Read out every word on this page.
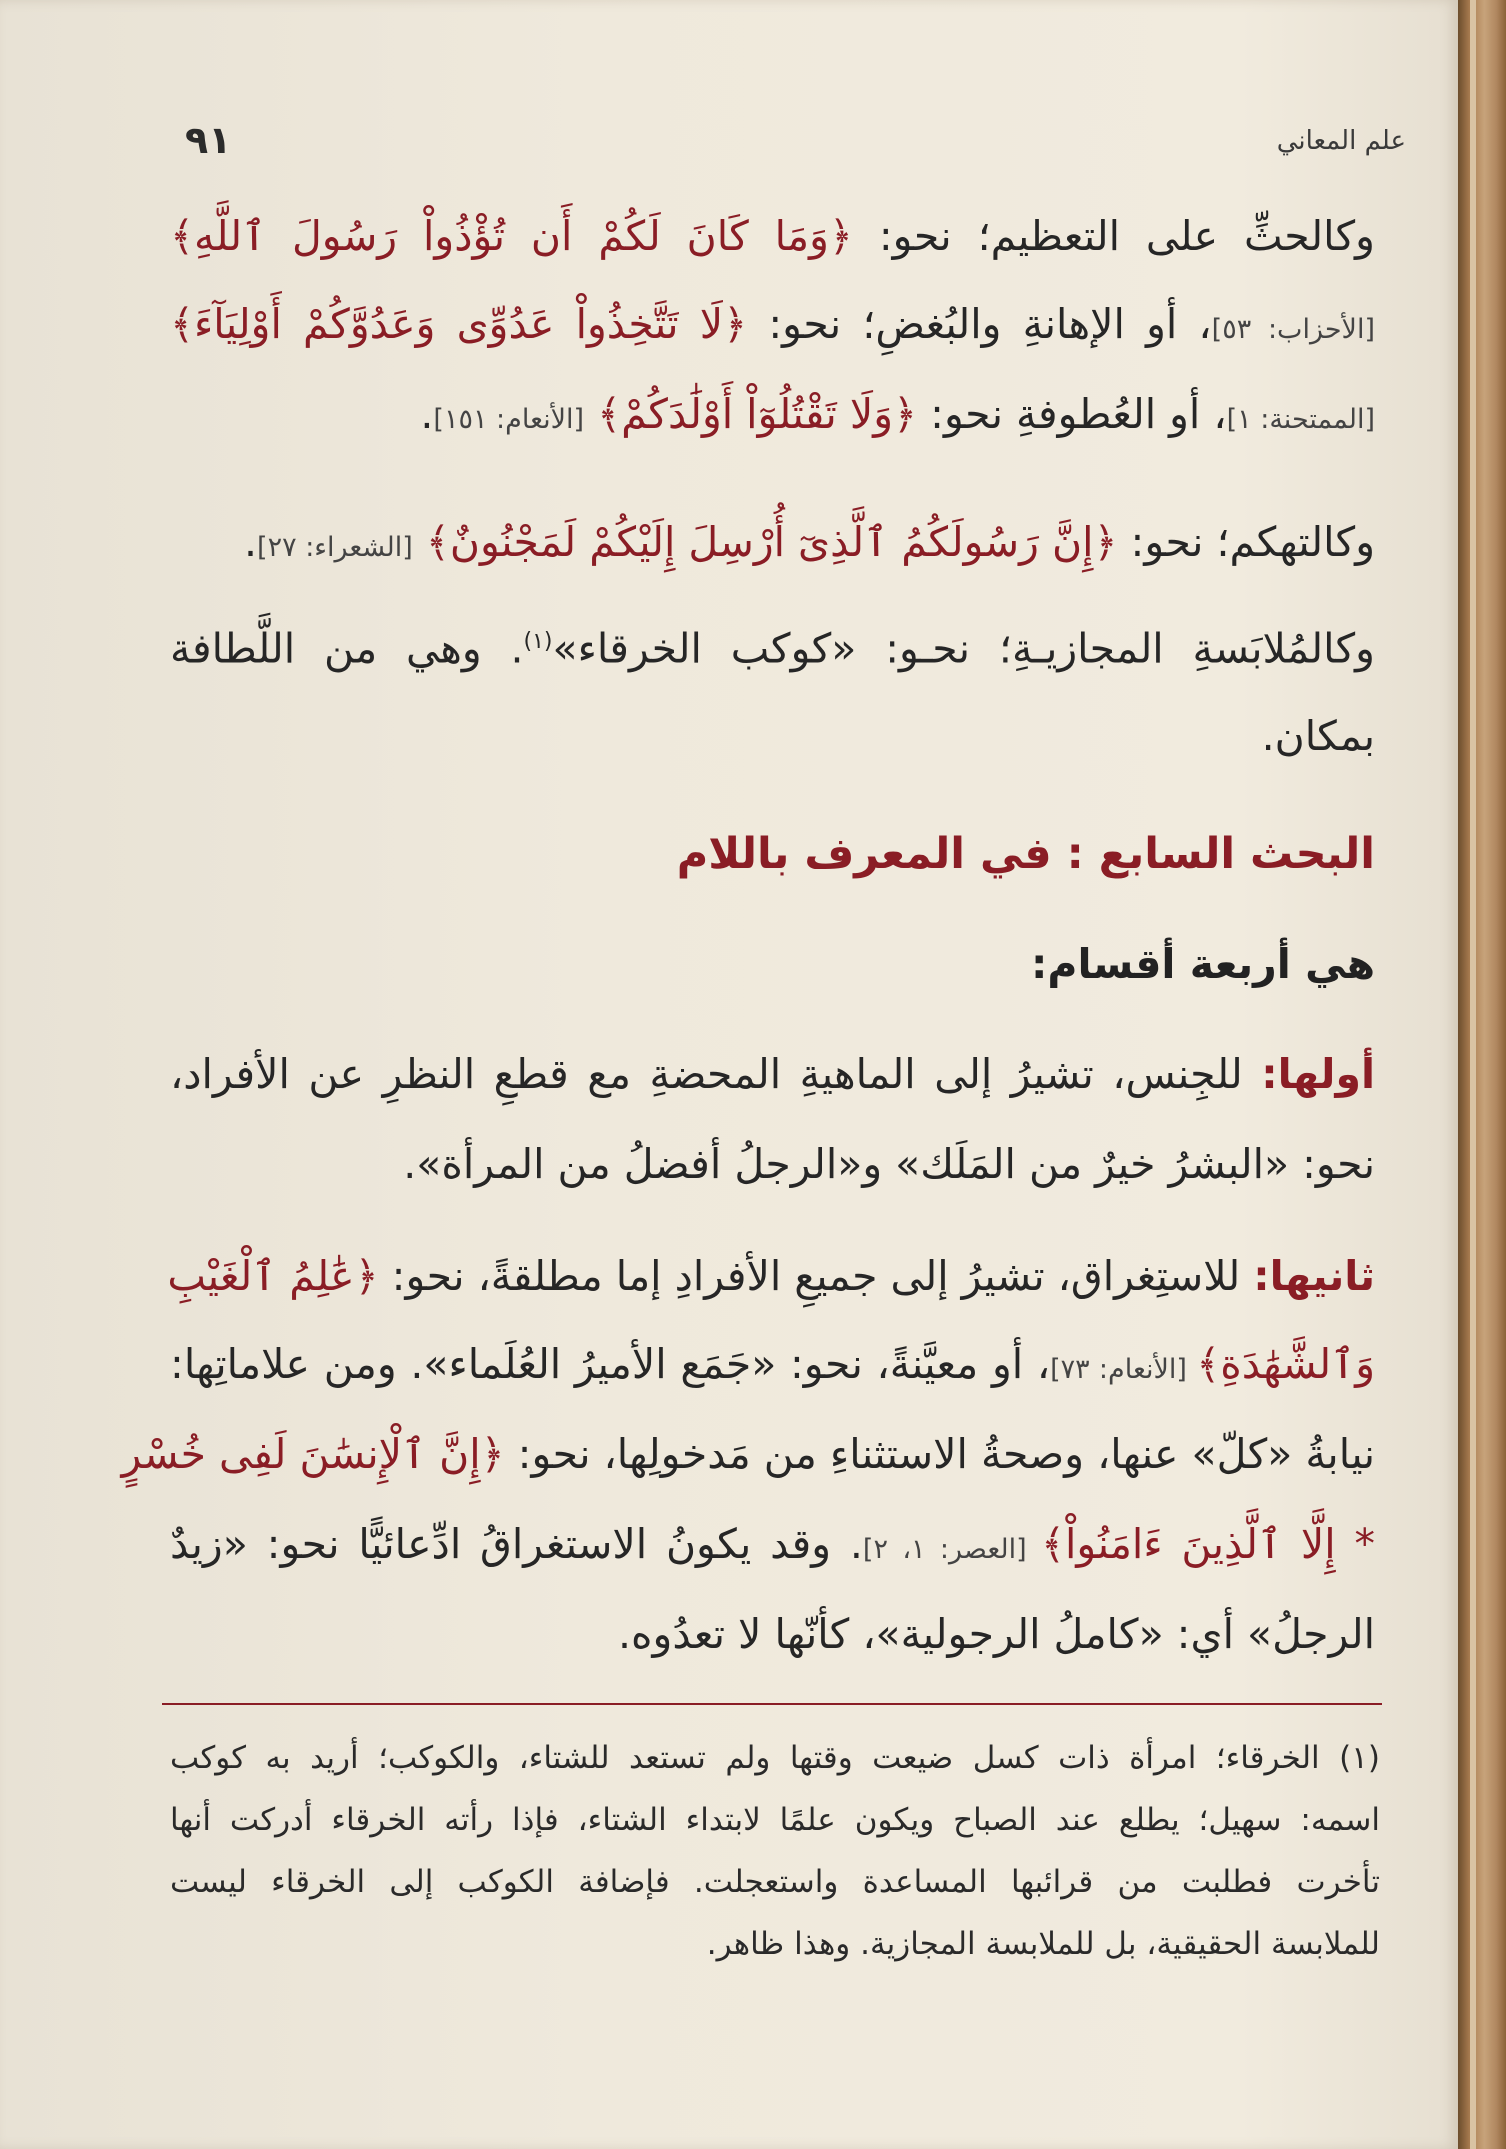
علم المعاني
٩١
وكالحثِّ على التعظيم؛ نحو: ﴿وَمَا كَانَ لَكُمْ أَن تُؤْذُواْ رَسُولَ ٱللَّهِ﴾
[الأحزاب: ٥٣]، أو الإهانةِ والبُغضِ؛ نحو: ﴿لَا تَتَّخِذُواْ عَدُوِّى وَعَدُوَّكُمْ أَوْلِيَآءَ﴾
[الممتحنة: ١]، أو العُطوفةِ نحو: ﴿وَلَا تَقْتُلُوٓاْ أَوْلَٰدَكُمْ﴾ [الأنعام: ١٥١].
وكالتهكم؛ نحو: ﴿إِنَّ رَسُولَكُمُ ٱلَّذِىٓ أُرْسِلَ إِلَيْكُمْ لَمَجْنُونٌ﴾ [الشعراء: ٢٧].
وكالمُلابَسةِ المجازيـةِ؛ نحـو: «كوكب الخرقاء»$^{(١)}$. وهي من اللَّطافة
بمكان.
البحث السابع : في المعرف باللام
هي أربعة أقسام:
أولها: للجِنس، تشيرُ إلى الماهيةِ المحضةِ مع قطعِ النظرِ عن الأفراد،
نحو: «البشرُ خيرٌ من المَلَك» و«الرجلُ أفضلُ من المرأة».
ثانيها: للاستِغراق، تشيرُ إلى جميعِ الأفرادِ إما مطلقةً، نحو: ﴿عَٰلِمُ ٱلْغَيْبِ
وَٱلشَّهَٰدَةِ﴾ [الأنعام: ٧٣]، أو معيَّنةً، نحو: «جَمَع الأميرُ العُلَماء». ومن علاماتِها:
نيابةُ «كلّ» عنها، وصحةُ الاستثناءِ من مَدخولِها، نحو: ﴿إِنَّ ٱلْإِنسَٰنَ لَفِى خُسْرٍ
* إِلَّا ٱلَّذِينَ ءَامَنُواْ﴾ [العصر: ١، ٢]. وقد يكونُ الاستغراقُ ادِّعائيًّا نحو: «زيدٌ
الرجلُ» أي: «كاملُ الرجولية»، كأنّها لا تعدُوه.
(١) الخرقاء؛ امرأة ذات كسل ضيعت وقتها ولم تستعد للشتاء، والكوكب؛ أريد به كوكب
اسمه: سهيل؛ يطلع عند الصباح ويكون علمًا لابتداء الشتاء، فإذا رأته الخرقاء أدركت أنها
تأخرت فطلبت من قرائبها المساعدة واستعجلت. فإضافة الكوكب إلى الخرقاء ليست
للملابسة الحقيقية، بل للملابسة المجازية. وهذا ظاهر.
